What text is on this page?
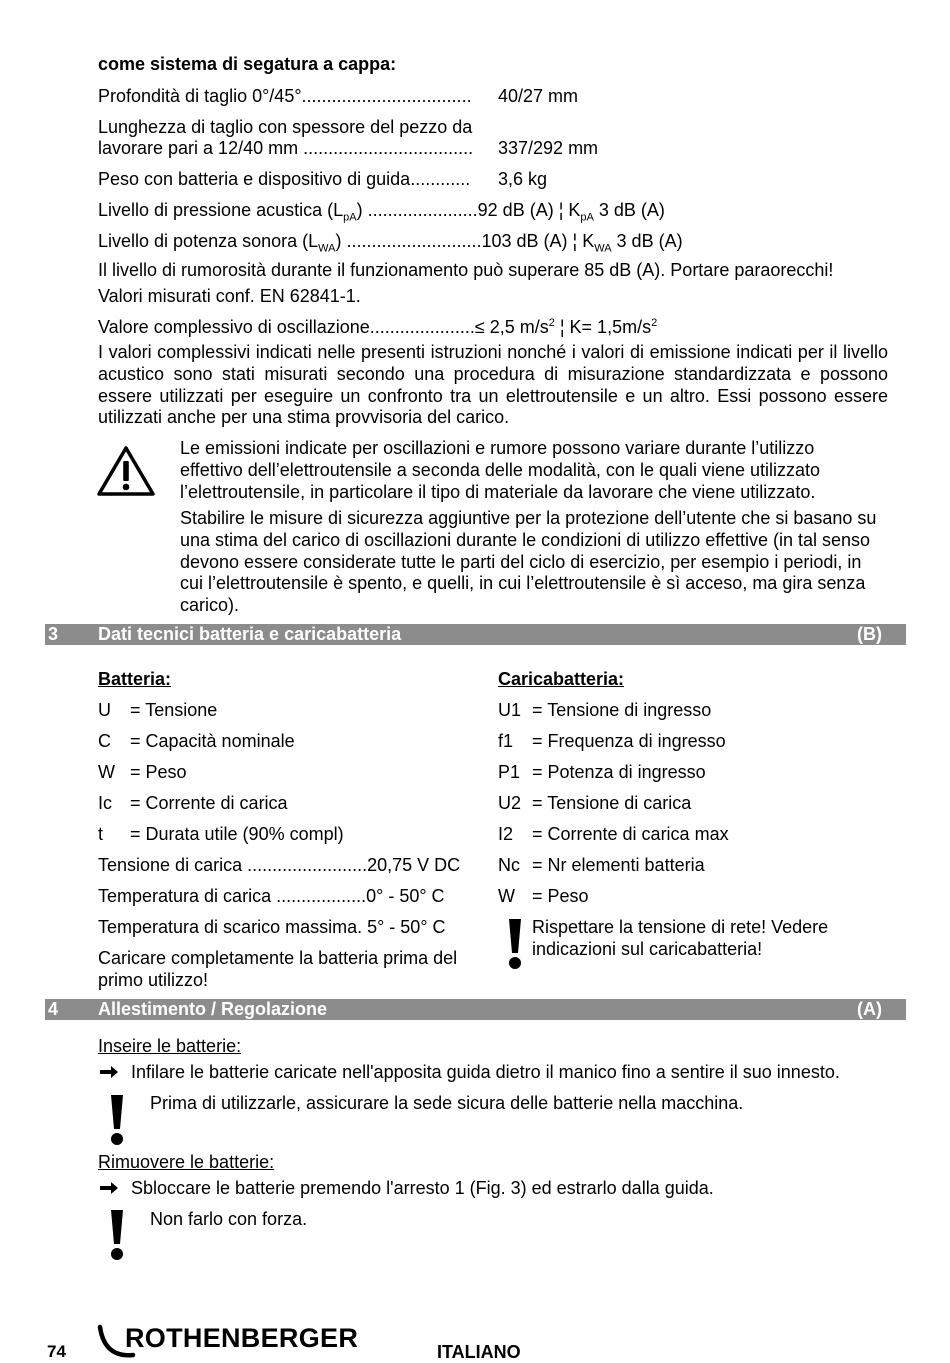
come sistema di segatura a cappa:
Profondità di taglio 0°/45°.................................. 40/27 mm
Lunghezza di taglio con spessore del pezzo da
lavorare pari a 12/40 mm .................................. 337/292 mm
Peso con batteria e dispositivo di guida............ 3,6 kg
Livello di pressione acustica $(L_{pA})$ ......................92 dB (A) ¦ $K_{pA}$ 3 dB (A)
Livello di potenza sonora $(L_{WA})$ ...........................103 dB (A) ¦ $K_{WA}$ 3 dB (A)
Il livello di rumorosità durante il funzionamento può superare 85 dB (A). Portare paraorecchi!
Valori misurati conf. EN 62841-1.
Valore complessivo di oscillazione.....................≤ 2,5 $m/s^2$ ¦ $K= 1,5m/s^2$
I valori complessivi indicati nelle presenti istruzioni nonché i valori di emissione indicati per il livello acustico sono stati misurati secondo una procedura di misurazione standardizzata e possono essere utilizzati per eseguire un confronto tra un elettroutensile e un altro. Essi possono essere utilizzati anche per una stima provvisoria del carico.
Le emissioni indicate per oscillazioni e rumore possono variare durante l’utilizzo effettivo dell’elettroutensile a seconda delle modalità, con le quali viene utilizzato l’elettroutensile, in particolare il tipo di materiale da lavorare che viene utilizzato.
Stabilire le misure di sicurezza aggiuntive per la protezione dell’utente che si basano su una stima del carico di oscillazioni durante le condizioni di utilizzo effettive (in tal senso devono essere considerate tutte le parti del ciclo di esercizio, per esempio i periodi, in cui l’elettroutensile è spento, e quelli, in cui l’elettroutensile è sì acceso, ma gira senza carico).
3 Dati tecnici batteria e caricabatteria	(B)
Batteria:
U = Tensione
C = Capacità nominale
W = Peso
Ic = Corrente di carica
t = Durata utile (90% compl)
Tensione di carica ........................20,75 V DC
Temperatura di carica ..................0° - 50° C
Temperatura di scarico massima. 5° - 50° C
Caricare completamente la batteria prima del
primo utilizzo!
Caricabatteria:
U1 = Tensione di ingresso
f1 = Frequenza di ingresso
P1 = Potenza di ingresso
U2 = Tensione di carica
I2 = Corrente di carica max
Nc = Nr elementi batteria
W = Peso
Rispettare la tensione di rete! Vedere
indicazioni sul caricabatteria!
4 Allestimento / Regolazione	(A)
Inseire le batterie:
Infilare le batterie caricate nell'apposita guida dietro il manico fino a sentire il suo innesto.
Prima di utilizzarle, assicurare la sede sicura delle batterie nella macchina.
Rimuovere le batterie:
Sbloccare le batterie premendo l'arresto 1 (Fig. 3) ed estrarlo dalla guida.
Non farlo con forza.
74 ROTHENBERGER	ITALIANO
